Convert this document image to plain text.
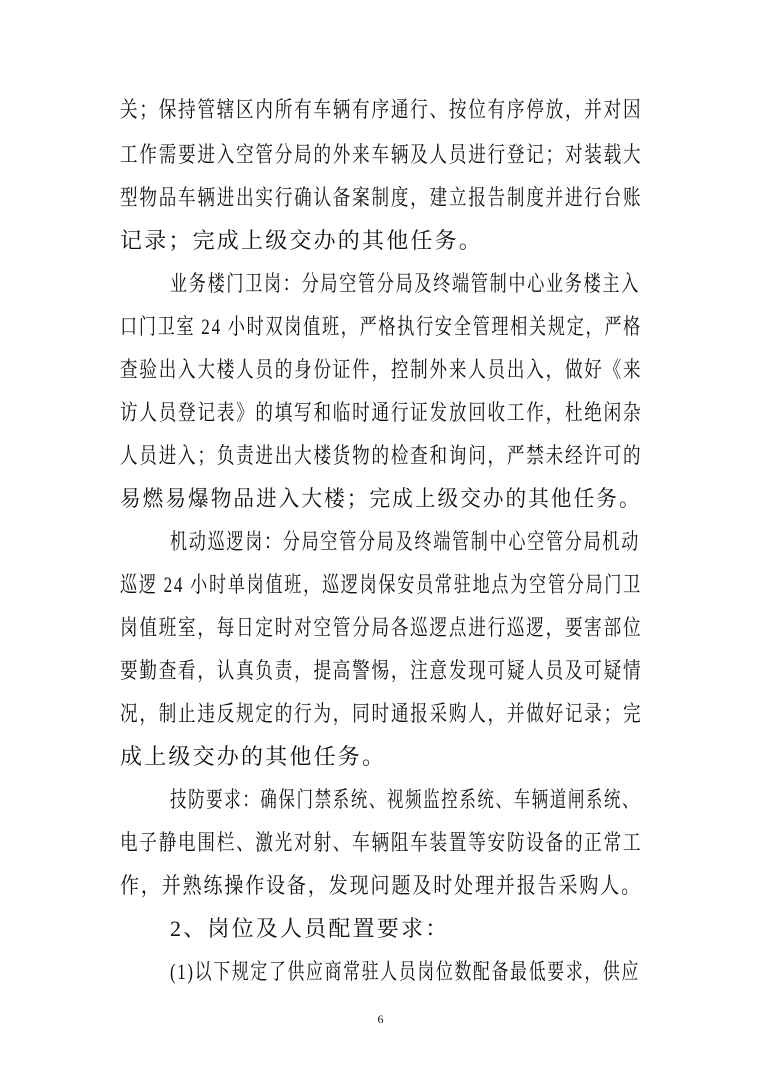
关；保持管辖区内所有车辆有序通行、按位有序停放，并对因
工作需要进入空管分局的外来车辆及人员进行登记；对装载大
型物品车辆进出实行确认备案制度，建立报告制度并进行台账
记录；完成上级交办的其他任务。
业务楼门卫岗：分局空管分局及终端管制中心业务楼主入
口门卫室 24 小时双岗值班，严格执行安全管理相关规定，严格
查验出入大楼人员的身份证件，控制外来人员出入，做好《来
访人员登记表》的填写和临时通行证发放回收工作，杜绝闲杂
人员进入；负责进出大楼货物的检查和询问，严禁未经许可的
易燃易爆物品进入大楼；完成上级交办的其他任务。
机动巡逻岗：分局空管分局及终端管制中心空管分局机动
巡逻 24 小时单岗值班，巡逻岗保安员常驻地点为空管分局门卫
岗值班室，每日定时对空管分局各巡逻点进行巡逻，要害部位
要勤查看，认真负责，提高警惕，注意发现可疑人员及可疑情
况，制止违反规定的行为，同时通报采购人，并做好记录；完
成上级交办的其他任务。
技防要求：确保门禁系统、视频监控系统、车辆道闸系统、
电子静电围栏、激光对射、车辆阻车装置等安防设备的正常工
作，并熟练操作设备，发现问题及时处理并报告采购人。
2、岗位及人员配置要求：
(1)以下规定了供应商常驻人员岗位数配备最低要求，供应
6
